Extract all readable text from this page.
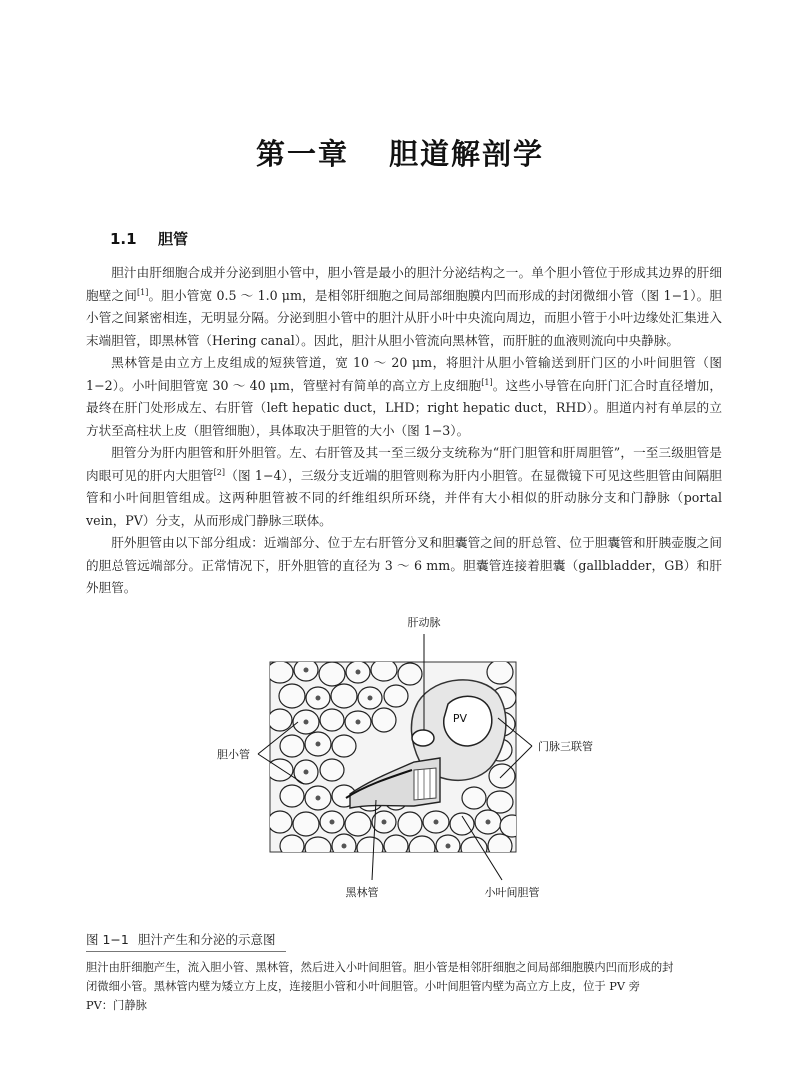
第一章 胆道解剖学
1.1 胆管

胆汁由肝细胞合成并分泌到胆小管中，胆小管是最小的胆汁分泌结构之一。单个胆小管位于形成其边界的肝细胞壁之间[1]。胆小管宽 0.5 ～ 1.0 μm，是相邻肝细胞之间局部细胞膜内凹而形成的封闭微细小管（图 1−1）。胆小管之间紧密相连，无明显分隔。分泌到胆小管中的胆汁从肝小叶中央流向周边，而胆小管于小叶边缘处汇集进入末端胆管，即黑林管（Hering canal）。因此，胆汁从胆小管流向黑林管，而肝脏的血液则流向中央静脉。

黑林管是由立方上皮组成的短狭管道，宽 10 ～ 20 μm，将胆汁从胆小管输送到肝门区的小叶间胆管（图 1−2）。小叶间胆管宽 30 ～ 40 μm，管壁衬有简单的高立方上皮细胞[1]。这些小导管在向肝门汇合时直径增加，最终在肝门处形成左、右肝管（left hepatic duct，LHD；right hepatic duct，RHD）。胆道内衬有单层的立方状至高柱状上皮（胆管细胞），具体取决于胆管的大小（图 1−3）。

胆管分为肝内胆管和肝外胆管。左、右肝管及其一至三级分支统称为“肝门胆管和肝周胆管”，一至三级胆管是肉眼可见的肝内大胆管[2]（图 1−4），三级分支近端的胆管则称为肝内小胆管。在显微镜下可见这些胆管由间隔胆管和小叶间胆管组成。这两种胆管被不同的纤维组织所环绕，并伴有大小相似的肝动脉分支和门静脉（portal vein，PV）分支，从而形成门静脉三联体。

肝外胆管由以下部分组成：近端部分、位于左右肝管分叉和胆囊管之间的肝总管、位于胆囊管和肝胰壶腹之间的胆总管远端部分。正常情况下，肝外胆管的直径为 3 ～ 6 mm。胆囊管连接着胆囊（gallbladder，GB）和肝外胆管。

肝动脉
胆小管
门脉三联管
PV
黑林管	小叶间胆管
图 1−1 胆汁产生和分泌的示意图

胆汁由肝细胞产生，流入胆小管、黑林管，然后进入小叶间胆管。胆小管是相邻肝细胞之间局部细胞膜内凹而形成的封

闭微细小管。黑林管内壁为矮立方上皮，连接胆小管和小叶间胆管。小叶间胆管内壁为高立方上皮，位于 PV 旁

PV：门静脉
